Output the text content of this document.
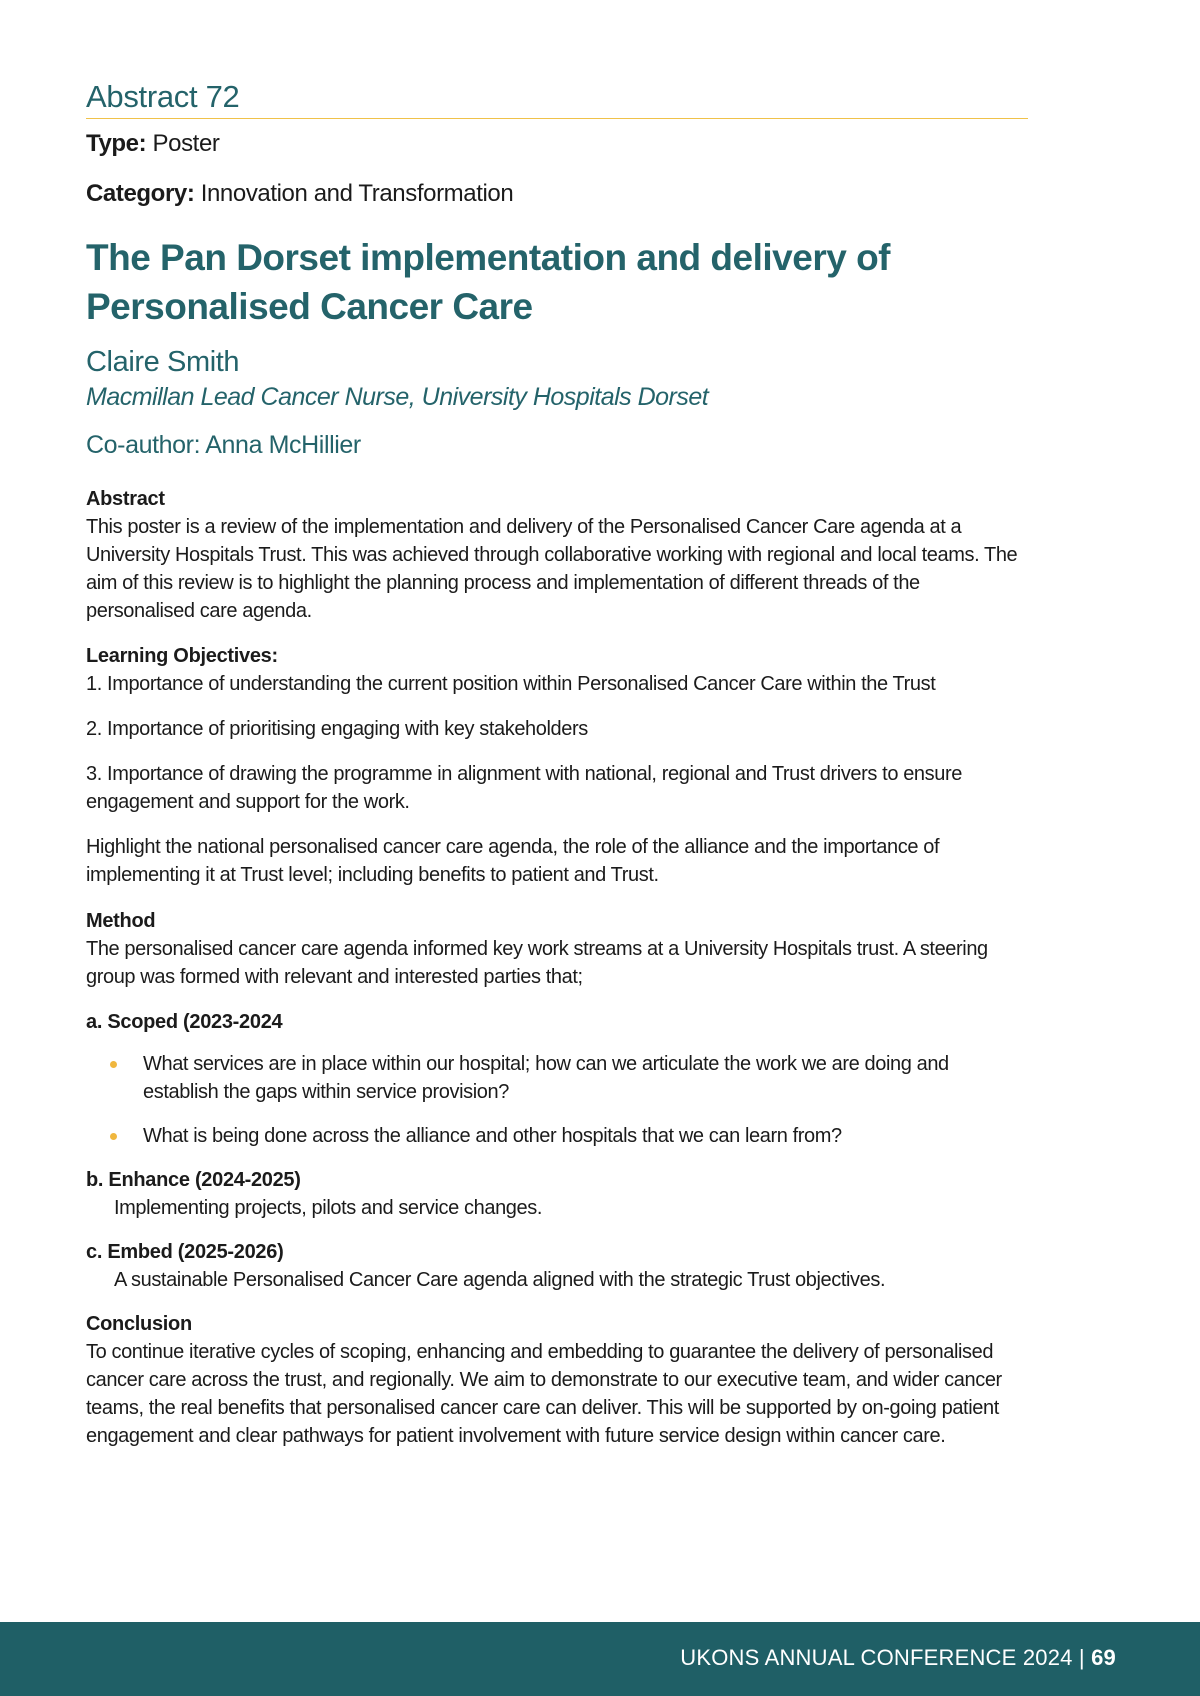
Abstract 72

Type: Poster

Category: Innovation and Transformation

The Pan Dorset implementation and delivery of
Personalised Cancer Care
Claire Smith
Macmillan Lead Cancer Nurse, University Hospitals Dorset
Co-author: Anna McHillier
Abstract

This poster is a review of the implementation and delivery of the Personalised Cancer Care agenda at a University Hospitals Trust. This was achieved through collaborative working with regional and local teams. The aim of this review is to highlight the planning process and implementation of different threads of the personalised care agenda.

Learning Objectives:

1. Importance of understanding the current position within Personalised Cancer Care within the Trust

2. Importance of prioritising engaging with key stakeholders

3. Importance of drawing the programme in alignment with national, regional and Trust drivers to ensure engagement and support for the work.

Highlight the national personalised cancer care agenda, the role of the alliance and the importance of implementing it at Trust level; including benefits to patient and Trust.

Method

The personalised cancer care agenda informed key work streams at a University Hospitals trust. A steering group was formed with relevant and interested parties that;

a. Scoped (2023-2024
What services are in place within our hospital; how can we articulate the work we are doing and establish the gaps within service provision?
What is being done across the alliance and other hospitals that we can learn from?
b. Enhance (2024-2025)
Implementing projects, pilots and service changes.
c. Embed (2025-2026)
A sustainable Personalised Cancer Care agenda aligned with the strategic Trust objectives.
Conclusion

To continue iterative cycles of scoping, enhancing and embedding to guarantee the delivery of personalised cancer care across the trust, and regionally. We aim to demonstrate to our executive team, and wider cancer teams, the real benefits that personalised cancer care can deliver. This will be supported by on-going patient engagement and clear pathways for patient involvement with future service design within cancer care.

UKONS ANNUAL CONFERENCE 2024 | 69
